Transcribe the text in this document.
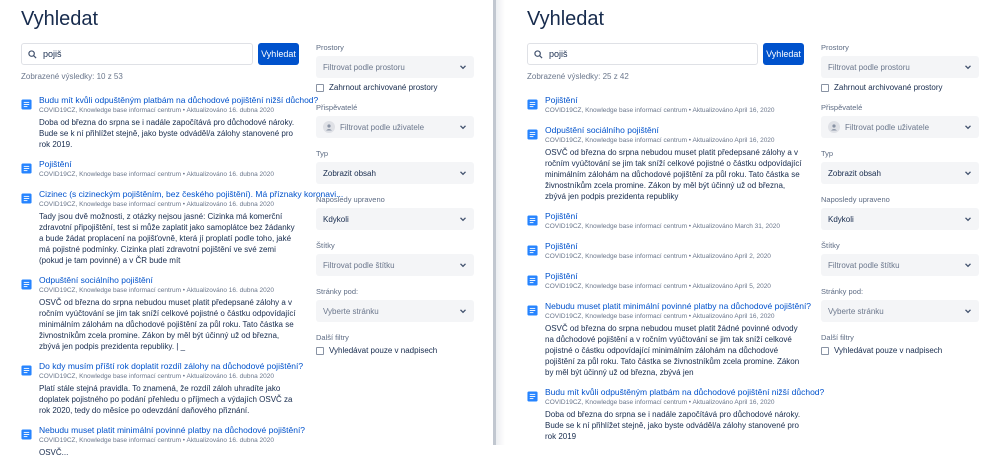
Vyhledat
pojiš
Vyhledat
Zobrazené výsledky: 10 z 53
Budu mít kvůli odpuštěným platbám na důchodové pojištění nižší důchod?
COVID19CZ, Knowledge base informací centrum • Aktualizováno 16. dubna 2020
Doba od března do srpna se i nadále započítává pro důchodové nároky. Bude se k ní přihlížet stejně, jako byste odváděl/a zálohy stanovené pro rok 2019.
Pojištění
COVID19CZ, Knowledge base informací centrum • Aktualizováno 16. dubna 2020
Cizinec (s cizineckým pojištěním, bez českého pojištění). Má příznaky koronavi...
COVID19CZ, Knowledge base informací centrum • Aktualizováno 16. dubna 2020
Tady jsou dvě možnosti, z otázky nejsou jasné: Cizinka má komerční zdravotní připojištění, test si může zaplatit jako samoplátce bez žádanky a bude žádat proplacení na pojišťovně, která jí proplatí podle toho, jaké má pojistné podmínky. Cizinka platí zdravotní pojištění ve své zemi (pokud je tam povinné) a v ČR bude mít
Odpuštění sociálního pojištění
COVID19CZ, Knowledge base informací centrum • Aktualizováno 16. dubna 2020
OSVČ od března do srpna nebudou muset platit předepsané zálohy a v ročním vyúčtování se jim tak sníží celkové pojistné o částku odpovídající minimálním zálohám na důchodové pojištění za půl roku. Tato částka se živnostníkům zcela promine. Zákon by měl být účinný už od března, zbývá jen podpis prezidenta republiky. | _
Do kdy musím příští rok doplatit rozdíl zálohy na důchodové pojištění?
COVID19CZ, Knowledge base informací centrum • Aktualizováno 16. dubna 2020
Platí stále stejná pravidla. To znamená, že rozdíl záloh uhradíte jako doplatek pojistného po podání přehledu o příjmech a výdajích OSVČ za rok 2020, tedy do měsíce po odevzdání daňového přiznání.
Nebudu muset platit minimální povinné platby na důchodové pojištění?
COVID19CZ, Knowledge base informací centrum • Aktualizováno 16. dubna 2020
OSVČ...
Prostory
Filtrovat podle prostoru
Zahrnout archivované prostory
Přispěvatelé
Filtrovat podle uživatele
Typ
Zobrazit obsah
Naposledy upraveno
Kdykoli
Štítky
Filtrovat podle štítku
Stránky pod:
Vyberte stránku
Další filtry
Vyhledávat pouze v nadpisech
Vyhledat
pojiš
Vyhledat
Zobrazené výsledky: 25 z 42
Pojištění
COVID19CZ, Knowledge base informací centrum • Aktualizováno April 16, 2020
Odpuštění sociálního pojištění
COVID19CZ, Knowledge base informací centrum • Aktualizováno April 16, 2020
OSVČ od března do srpna nebudou muset platit předepsané zálohy a v ročním vyúčtování se jim tak sníží celkové pojistné o částku odpovídající minimálním zálohám na důchodové pojištění za půl roku. Tato částka se živnostníkům zcela promine. Zákon by měl být účinný už od března, zbývá jen podpis prezidenta republiky
Pojištění
COVID19CZ, Knowledge base informací centrum • Aktualizováno March 31, 2020
Pojištění
COVID19CZ, Knowledge base informací centrum • Aktualizováno April 2, 2020
Pojištění
COVID19CZ, Knowledge base informací centrum • Aktualizováno April 5, 2020
Nebudu muset platit minimální povinné platby na důchodové pojištění?
COVID19CZ, Knowledge base informací centrum • Aktualizováno April 16, 2020
OSVČ od března do srpna nebudou muset platit žádné povinné odvody na důchodové pojištění a v ročním vyúčtování se jim tak sníží celkové pojistné o částku odpovídající minimálním zálohám na důchodové pojištění za půl roku. Tato částka se živnostníkům zcela promine. Zákon by měl být účinný už od března, zbývá jen
Budu mít kvůli odpuštěným platbám na důchodové pojištění nižší důchod?
COVID19CZ, Knowledge base informací centrum • Aktualizováno April 16, 2020
Doba od března do srpna se i nadále započítává pro důchodové nároky. Bude se k ní přihlížet stejně, jako byste odváděl/a zálohy stanovené pro rok 2019
Prostory
Filtrovat podle prostoru
Zahrnout archivované prostory
Přispěvatelé
Filtrovat podle uživatele
Typ
Zobrazit obsah
Naposledy upraveno
Kdykoli
Štítky
Filtrovat podle štítku
Stránky pod:
Vyberte stránku
Další filtry
Vyhledávat pouze v nadpisech
